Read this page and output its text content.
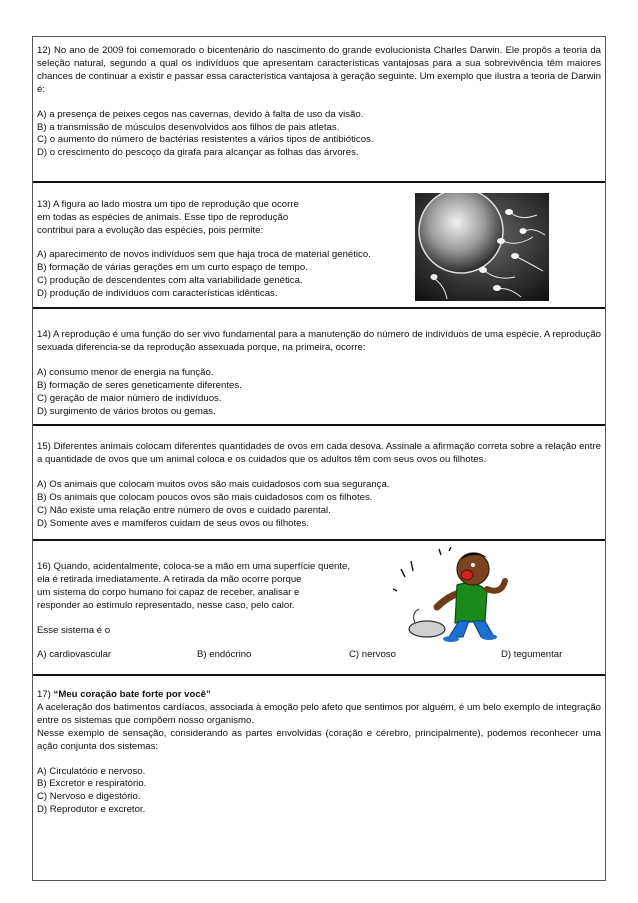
12) No ano de 2009 foi comemorado o bicentenário do nascimento do grande evolucionista Charles Darwin. Ele propôs a teoria da seleção natural, segundo a qual os indivíduos que apresentam características vantajosas para a sua sobrevivência têm maiores chances de continuar a existir e passar essa característica vantajosa à geração seguinte. Um exemplo que ilustra a teoria de Darwin é:

A) a presença de peixes cegos nas cavernas, devido à falta de uso da visão.

B) a transmissão de músculos desenvolvidos aos filhos de pais atletas.

C) o aumento do número de bactérias resistentes a vários tipos de antibióticos.

D) o crescimento do pescoço da girafa para alcançar as folhas das árvores.

13) A figura ao lado mostra um tipo de reprodução que ocorre

em todas as espécies de animais. Esse tipo de reprodução

contribui para a evolução das espécies, pois permite:

A) aparecimento de novos indivíduos sem que haja troca de material genético.

B) formação de várias gerações em um curto espaço de tempo.

C) produção de descendentes com alta variabilidade genética.

D) produção de indivíduos com características idênticas.

14) A reprodução é uma função do ser vivo fundamental para a manutenção do número de indivíduos de uma espécie. A reprodução sexuada diferencia-se da reprodução assexuada porque, na primeira, ocorre:

A) consumo menor de energia na função.

B) formação de seres geneticamente diferentes.

C) geração de maior número de indivíduos.

D) surgimento de vários brotos ou gemas.

15) Diferentes animais colocam diferentes quantidades de ovos em cada desova. Assinale a afirmação correta sobre a relação entre a quantidade de ovos que um animal coloca e os cuidados que os adultos têm com seus ovos ou filhotes.

A) Os animais que colocam muitos ovos são mais cuidadosos com sua segurança.

B) Os animais que colocam poucos ovos são mais cuidadosos com os filhotes.

C) Não existe uma relação entre número de ovos e cuidado parental.

D) Somente aves e mamíferos cuidam de seus ovos ou filhotes.

16) Quando, acidentalmente, coloca-se a mão em uma superfície quente,

ela é retirada imediatamente. A retirada da mão ocorre porque

um sistema do corpo humano foi capaz de receber, analisar e

responder ao estímulo representado, nesse caso, pelo calor.

Esse sistema é o

A) cardiovascular	B) endócrino	C) nervoso	D) tegumentar

17) “Meu coração bate forte por você”

A aceleração dos batimentos cardíacos, associada à emoção pelo afeto que sentimos por alguém, é um belo exemplo de integração entre os sistemas que compõem nosso organismo.

Nesse exemplo de sensação, considerando as partes envolvidas (coração e cérebro, principalmente), podemos reconhecer uma ação conjunta dos sistemas:

A) Circulatório e nervoso.

B) Excretor e respiratório.

C) Nervoso e digestório.

D) Reprodutor e excretor.
